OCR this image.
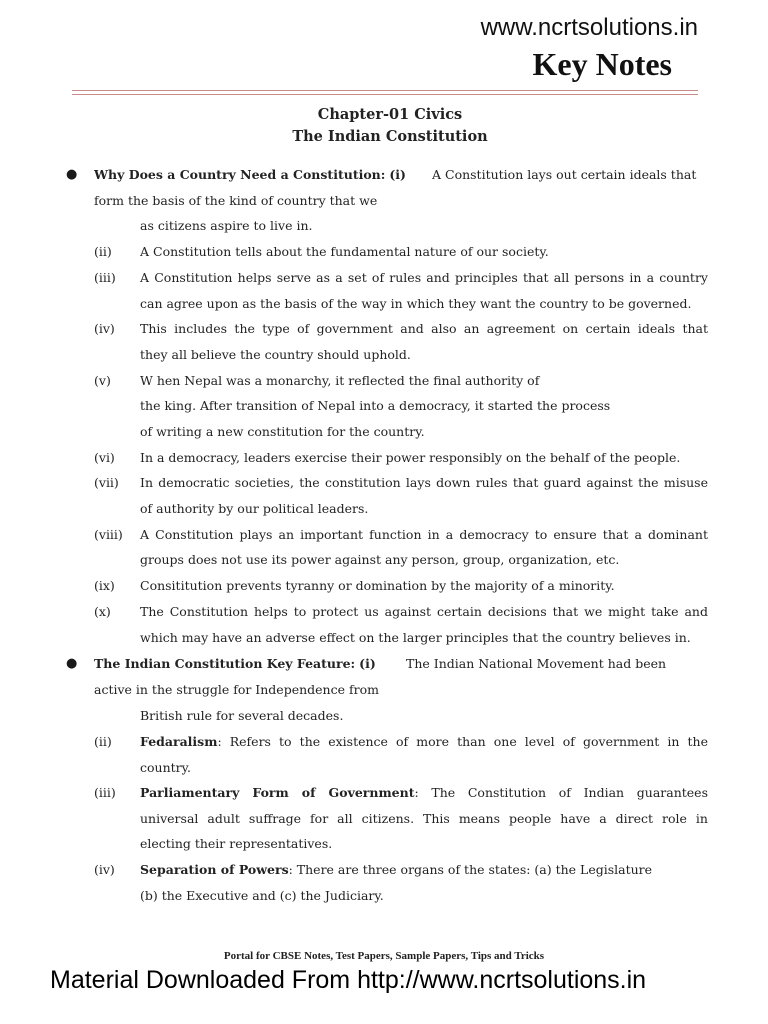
www.ncrtsolutions.in
Key Notes
Chapter-01 Civics
The Indian Constitution
● Why Does a Country Need a Constitution: (i) A Constitution lays out certain ideals that
form the basis of the kind of country that we
as citizens aspire to live in.
(ii) A Constitution tells about the fundamental nature of our society.
(iii) A Constitution helps serve as a set of rules and principles that all persons in a country
can agree upon as the basis of the way in which they want the country to be governed.
(iv) This includes the type of government and also an agreement on certain ideals that
they all believe the country should uphold.
(v) W hen Nepal was a monarchy, it reflected the final authority of
the king. After transition of Nepal into a democracy, it started the process
of writing a new constitution for the country.
(vi) In a democracy, leaders exercise their power responsibly on the behalf of the people.
(vii) In democratic societies, the constitution lays down rules that guard against the misuse
of authority by our political leaders.
(viii) A Constitution plays an important function in a democracy to ensure that a dominant
groups does not use its power against any person, group, organization, etc.
(ix) Consititution prevents tyranny or domination by the majority of a minority.
(x) The Constitution helps to protect us against certain decisions that we might take and
which may have an adverse effect on the larger principles that the country believes in.
● The Indian Constitution Key Feature: (i) The Indian National Movement had been
active in the struggle for Independence from
British rule for several decades.
(ii) Fedaralism: Refers to the existence of more than one level of government in the
country.
(iii) Parliamentary Form of Government: The Constitution of Indian guarantees
universal adult suffrage for all citizens. This means people have a direct role in
electing their representatives.
(iv) Separation of Powers: There are three organs of the states: (a) the Legislature
(b) the Executive and (c) the Judiciary.
Portal for CBSE Notes, Test Papers, Sample Papers, Tips and Tricks
Material Downloaded From http://www.ncrtsolutions.in
